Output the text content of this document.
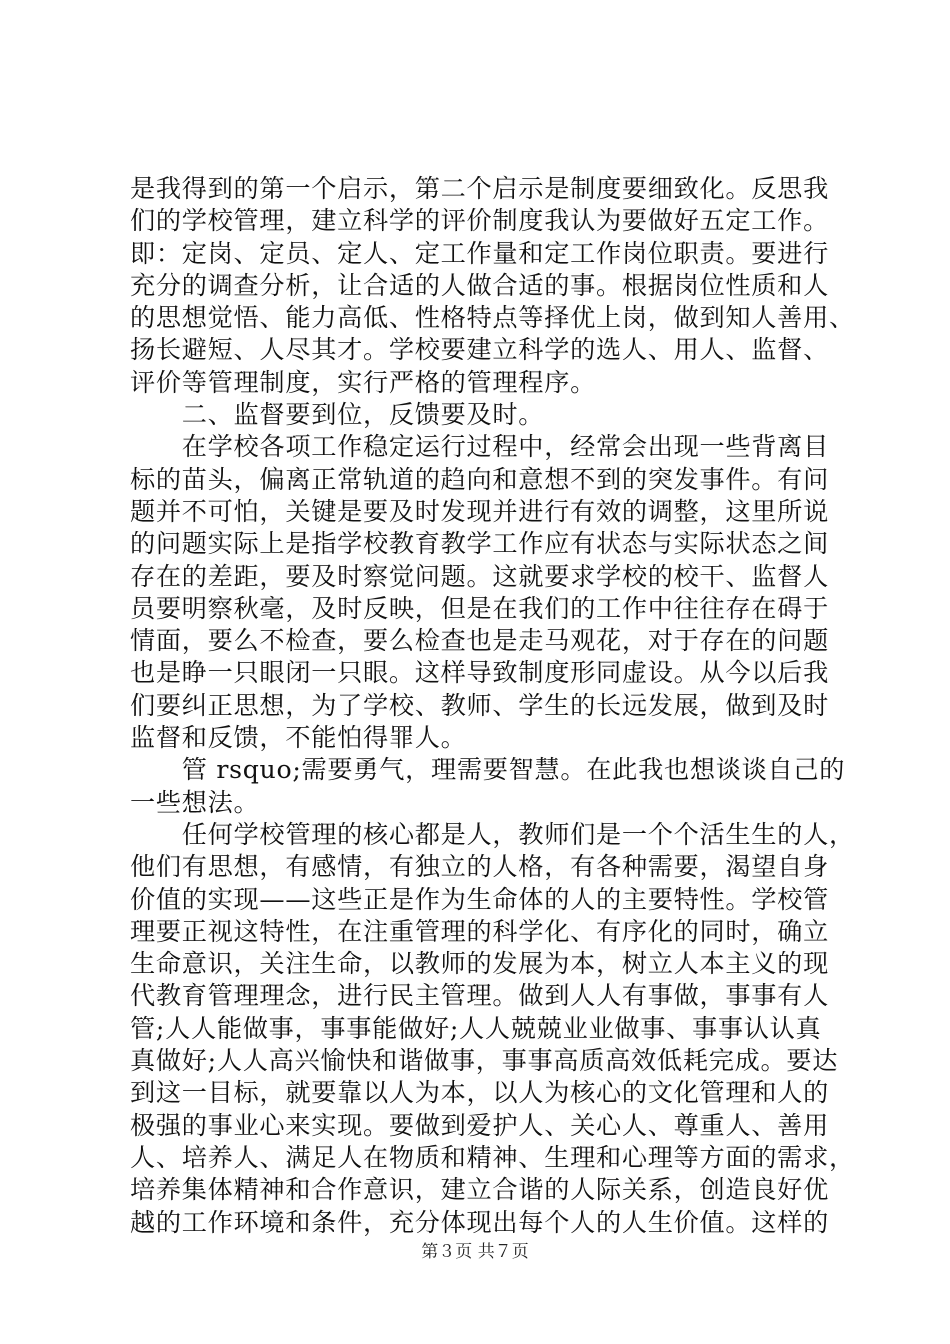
是我得到的第一个启示，第二个启示是制度要细致化。反思我
们的学校管理，建立科学的评价制度我认为要做好五定工作。
即：定岗、定员、定人、定工作量和定工作岗位职责。要进行
充分的调查分析，让合适的人做合适的事。根据岗位性质和人
的思想觉悟、能力高低、性格特点等择优上岗，做到知人善用、
扬长避短、人尽其才。学校要建立科学的选人、用人、监督、
评价等管理制度，实行严格的管理程序。
　　二、监督要到位，反馈要及时。
　　在学校各项工作稳定运行过程中，经常会出现一些背离目
标的苗头，偏离正常轨道的趋向和意想不到的突发事件。有问
题并不可怕，关键是要及时发现并进行有效的调整，这里所说
的问题实际上是指学校教育教学工作应有状态与实际状态之间
存在的差距，要及时察觉问题。这就要求学校的校干、监督人
员要明察秋毫，及时反映，但是在我们的工作中往往存在碍于
情面，要么不检查，要么检查也是走马观花，对于存在的问题
也是睁一只眼闭一只眼。这样导致制度形同虚设。从今以后我
们要纠正思想，为了学校、教师、学生的长远发展，做到及时
监督和反馈，不能怕得罪人。
　　管 rsquo;需要勇气，理需要智慧。在此我也想谈谈自己的
一些想法。
　　任何学校管理的核心都是人，教师们是一个个活生生的人，
他们有思想，有感情，有独立的人格，有各种需要，渴望自身
价值的实现——这些正是作为生命体的人的主要特性。学校管
理要正视这特性，在注重管理的科学化、有序化的同时，确立
生命意识，关注生命，以教师的发展为本，树立人本主义的现
代教育管理理念，进行民主管理。做到人人有事做，事事有人
管;人人能做事，事事能做好;人人兢兢业业做事、事事认认真
真做好;人人高兴愉快和谐做事，事事高质高效低耗完成。要达
到这一目标，就要靠以人为本，以人为核心的文化管理和人的
极强的事业心来实现。要做到爱护人、关心人、尊重人、善用
人、培养人、满足人在物质和精神、生理和心理等方面的需求，
培养集体精神和合作意识，建立合谐的人际关系，创造良好优
越的工作环境和条件，充分体现出每个人的人生价值。这样的
第３页 共７页
